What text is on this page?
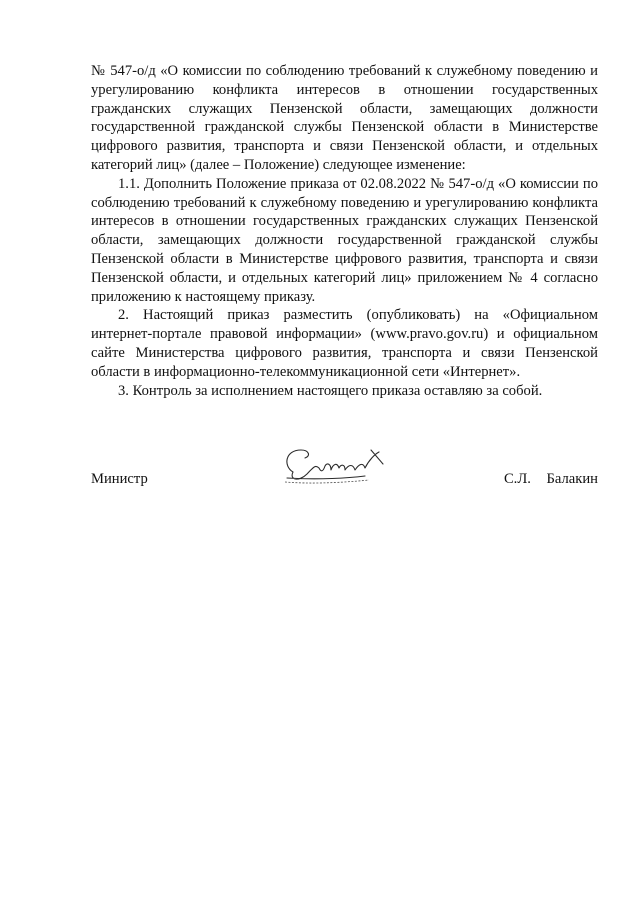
№ 547-о/д «О комиссии по соблюдению требований к служебному поведению и урегулированию конфликта интересов в отношении государственных гражданских служащих Пензенской области, замещающих должности государственной гражданской службы Пензенской области в Министерстве цифрового развития, транспорта и связи Пензенской области, и отдельных категорий лиц» (далее – Положение) следующее изменение:

1.1. Дополнить Положение приказа от 02.08.2022 № 547-о/д «О комиссии по соблюдению требований к служебному поведению и урегулированию конфликта интересов в отношении государственных гражданских служащих Пензенской области, замещающих должности государственной гражданской службы Пензенской области в Министерстве цифрового развития, транспорта и связи Пензенской области, и отдельных категорий лиц» приложением № 4 согласно приложению к настоящему приказу.

2. Настоящий приказ разместить (опубликовать) на «Официальном интернет-портале правовой информации» (www.pravo.gov.ru) и официальном сайте Министерства цифрового развития, транспорта и связи Пензенской области в информационно-телекоммуникационной сети «Интернет».

3. Контроль за исполнением настоящего приказа оставляю за собой.

Министр	С.Л. Балакин
